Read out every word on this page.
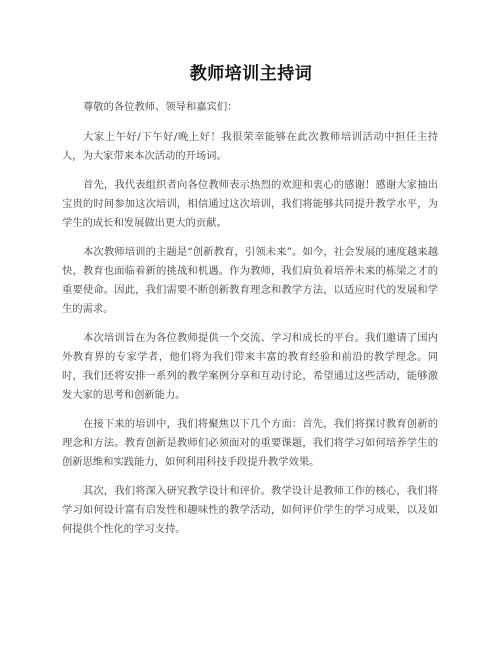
教师培训主持词

尊敬的各位教师、领导和嘉宾们：

大家上午好/下午好/晚上好！我很荣幸能够在此次教师培训活动中担任主持人，为大家带来本次活动的开场词。

首先，我代表组织者向各位教师表示热烈的欢迎和衷心的感谢！感谢大家抽出宝贵的时间参加这次培训，相信通过这次培训，我们将能够共同提升教学水平，为学生的成长和发展做出更大的贡献。

本次教师培训的主题是“创新教育，引领未来”。如今，社会发展的速度越来越快，教育也面临着新的挑战和机遇。作为教师，我们肩负着培养未来的栋梁之才的重要使命。因此，我们需要不断创新教育理念和教学方法，以适应时代的发展和学生的需求。

本次培训旨在为各位教师提供一个交流、学习和成长的平台。我们邀请了国内外教育界的专家学者，他们将为我们带来丰富的教育经验和前沿的教学理念。同时，我们还将安排一系列的教学案例分享和互动讨论，希望通过这些活动，能够激发大家的思考和创新能力。

在接下来的培训中，我们将聚焦以下几个方面：首先，我们将探讨教育创新的理念和方法。教育创新是教师们必须面对的重要课题，我们将学习如何培养学生的创新思维和实践能力，如何利用科技手段提升教学效果。

其次，我们将深入研究教学设计和评价。教学设计是教师工作的核心，我们将学习如何设计富有启发性和趣味性的教学活动，如何评价学生的学习成果，以及如何提供个性化的学习支持。
